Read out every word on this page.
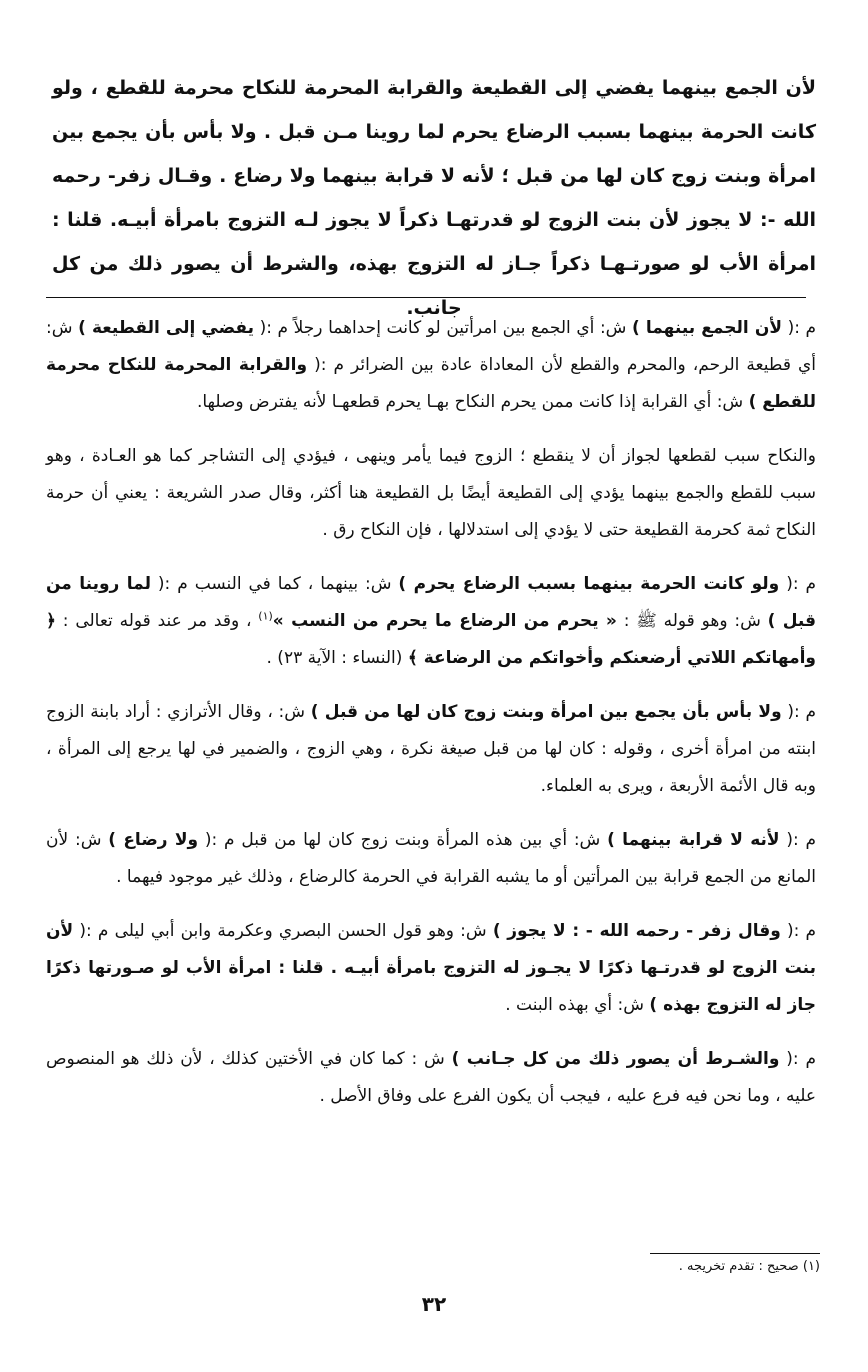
لأن الجمع بينهما يفضي إلى القطيعة والقرابة المحرمة للنكاح محرمة للقطع ، ولو كانت الحرمة بينهما بسبب الرضاع يحرم لما روينا مـن قبل . ولا بأس بأن يجمع بين امرأة وبنت زوج كان لها من قبل ؛ لأنه لا قرابة بينهما ولا رضاع . وقـال زفر- رحمه الله -: لا يجوز لأن بنت الزوج لو قدرتهـا ذكراً لا يجوز لـه التزوج بامرأة أبيـه. قلنا : امرأة الأب لو صورتـهـا ذكراً جـاز له التزوج بهذه، والشرط أن يصور ذلك من كل جانب.

م :( لأن الجمع بينهما ) ش: أي الجمع بين امرأتين لو كانت إحداهما رجلاً م :( يفضي إلى القطيعة ) ش: أي قطيعة الرحم، والمحرم والقطع لأن المعاداة عادة بين الضرائر م :( والقرابة المحرمة للنكاح محرمة للقطع ) ش: أي القرابة إذا كانت ممن يحرم النكاح بهـا يحرم قطعهـا لأنه يفترض وصلها.

والنكاح سبب لقطعها لجواز أن لا ينقطع ؛ الزوج فيما يأمر وينهى ، فيؤدي إلى التشاجر كما هو العـادة ، وهو سبب للقطع والجمع بينهما يؤدي إلى القطيعة أيضًا بل القطيعة هنا أكثر، وقال صدر الشريعة : يعني أن حرمة النكاح ثمة كحرمة القطيعة حتى لا يؤدي إلى استدلالها ، فإن النكاح رق .

م :( ولو كانت الحرمة بينهما بسبب الرضاع يحرم ) ش: بينهما ، كما في النسب م :( لما روينا من قبل ) ش: وهو قوله ﷺ : « يحرم من الرضاع ما يحرم من النسب »$^{(١)}$ ، وقد مر عند قوله تعالى : ﴿ وأمهاتكم اللاتي أرضعنكم وأخواتكم من الرضاعة ﴾ (النساء : الآية ٢٣) .

م :( ولا بأس بأن يجمع بين امرأة وبنت زوج كان لها من قبل ) ش: ، وقال الأترازي : أراد بابنة الزوج ابنته من امرأة أخرى ، وقوله : كان لها من قبل صيغة نكرة ، وهي الزوج ، والضمير في لها يرجع إلى المرأة ، وبه قال الأئمة الأربعة ، ويرى به العلماء.

م :( لأنه لا قرابة بينهما ) ش: أي بين هذه المرأة وبنت زوج كان لها من قبل م :( ولا رضاع ) ش: لأن المانع من الجمع قرابة بين المرأتين أو ما يشبه القرابة في الحرمة كالرضاع ، وذلك غير موجود فيهما .

م :( وقال زفر - رحمه الله - : لا يجوز ) ش: وهو قول الحسن البصري وعكرمة وابن أبي ليلى م :( لأن بنت الزوج لو قدرتـها ذكرًا لا يجـوز له التزوج بامرأة أبيـه . قلنا : امرأة الأب لو صـورتها ذكرًا جاز له التزوج بهذه ) ش: أي بهذه البنت .

م :( والشـرط أن يصور ذلك من كل جـانب ) ش : كما كان في الأختين كذلك ، لأن ذلك هو المنصوص عليه ، وما نحن فيه فرع عليه ، فيجب أن يكون الفرع على وفاق الأصل .

(١) صحيح : تقدم تخريجه .
٣٢
